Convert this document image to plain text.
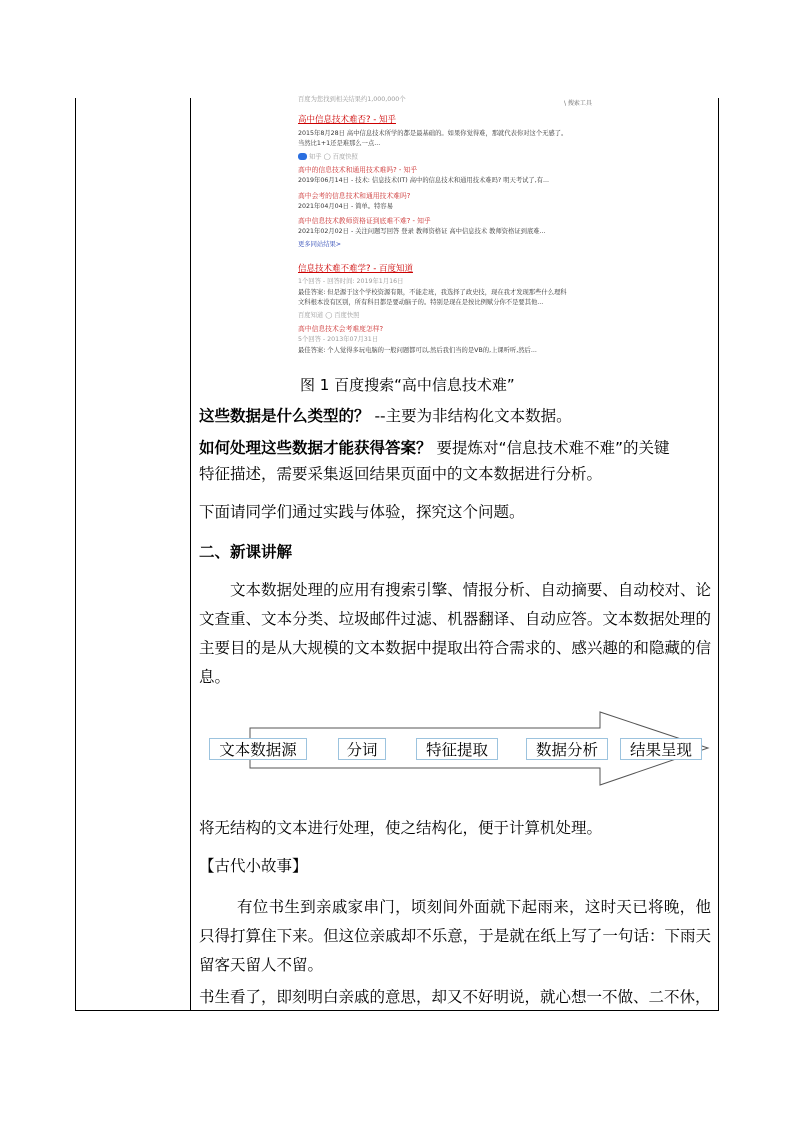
百度为您找到相关结果约1,000,000个
\ 搜索工具
高中信息技术难否? - 知乎
2015年8月28日 高中信息技术所学的都是最基础的。如果你觉得难，那就代表你对这个无感了。
当然比1+1还是难那么一点...
知乎 ◯ 百度快照
高中的信息技术和通用技术难吗? - 知乎
2019年06月14日 - 技术: 信息技术(IT) 高中的信息技术和通用技术难吗? 明天考试了,有...
高中会考的信息技术和通用技术难吗?
2021年04月04日 - 简单。特容易
高中信息技术教师资格证到底难不难? - 知乎
2021年02月02日 - 关注问题写回答 登录 教师资格证 高中信息技术 教师资格证到底难...
更多同站结果>
信息技术难不难学? - 百度知道
1个回答 - 回答时间: 2019年1月16日
最佳答案: 但是源于这个学校资源有限，不能走班，我选择了政史技，现在我才发现那些什么理科
文科根本没有区别，所有科目都是要动脑子的。特别是现在是按比例赋分你不是要其他...
百度知道 ◯ 百度快照
高中信息技术会考难度怎样?
5个回答 - 2013年07月31日
最佳答案: 个人觉得多玩电脑的一般问题都可以,然后我们当的是VB的,上课听听,然后...
图 1 百度搜索“高中信息技术难”
这些数据是什么类型的？ --主要为非结构化文本数据。
如何处理这些数据才能获得答案？ 要提炼对“信息技术难不难”的关键
特征描述，需要采集返回结果页面中的文本数据进行分析。
下面请同学们通过实践与体验，探究这个问题。
二、新课讲解
文本数据处理的应用有搜索引擎、情报分析、自动摘要、自动校对、论文查重、文本分类、垃圾邮件过滤、机器翻译、自动应答。文本数据处理的主要目的是从大规模的文本数据中提取出符合需求的、感兴趣的和隐藏的信息。
文本数据源	分词	特征提取	数据分析	结果呈现
将无结构的文本进行处理，使之结构化，便于计算机处理。
【古代小故事】
有位书生到亲戚家串门，顷刻间外面就下起雨来，这时天已将晚，他只得打算住下来。但这位亲戚却不乐意，于是就在纸上写了一句话：下雨天留客天留人不留。
书生看了，即刻明白亲戚的意思，却又不好明说，就心想一不做、二不休，
